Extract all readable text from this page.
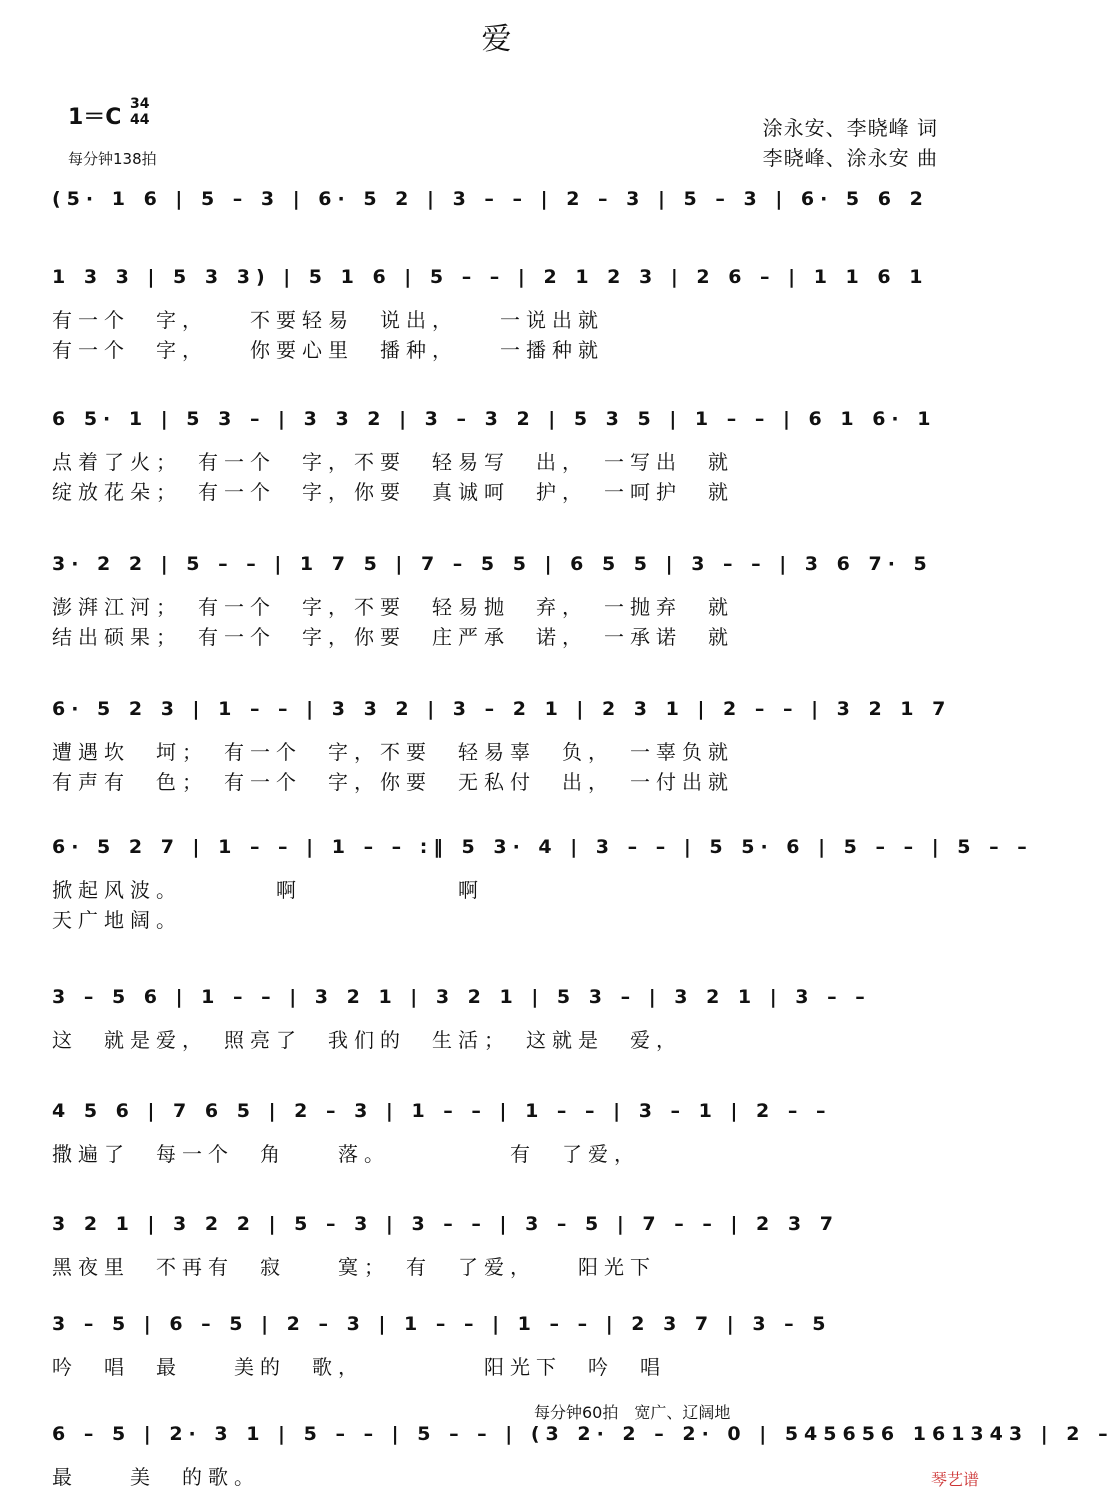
爱
1＝C
34
44
每分钟138拍
涂永安、李晓峰 词
李晓峰、涂永安 曲
(5· 1 6 | 5 – 3 | 6· 5 2 | 3 – – | 2 – 3 | 5 – 3 | 6· 5 6 2
1 3 3 | 5 3 3) | 5 1 6 | 5 – – | 2 1 2 3 | 2 6 – | 1 1 6 1
有一个　字，　　不要轻易　说出，　　一说出就
有一个　字，　　你要心里　播种，　　一播种就
6 5· 1 | 5 3 – | 3 3 2 | 3 – 3 2 | 5 3 5 | 1 – – | 6 1 6· 1
点着了火；　有一个　字，不要　轻易写　出，　一写出　就
绽放花朵；　有一个　字，你要　真诚呵　护，　一呵护　就
3· 2 2 | 5 – – | 1 7 5 | 7 – 5 5 | 6 5 5 | 3 – – | 3 6 7· 5
澎湃江河；　有一个　字，不要　轻易抛　弃，　一抛弃　就
结出硕果；　有一个　字，你要　庄严承　诺，　一承诺　就
6· 5 2 3 | 1 – – | 3 3 2 | 3 – 2 1 | 2 3 1 | 2 – – | 3 2 1 7
遭遇坎　坷；　有一个　字，不要　轻易辜　负，　一辜负就
有声有　色；　有一个　字，你要　无私付　出，　一付出就
6· 5 2 7 | 1 – – | 1 – – :‖ 5 3· 4 | 3 – – | 5 5· 6 | 5 – – | 5 – –
掀起风波。　　　　啊　　　　　　啊
天广地阔。
3 – 5 6 | 1 – – | 3 2 1 | 3 2 1 | 5 3 – | 3 2 1 | 3 – –
这　就是爱，　照亮了　我们的　生活；　这就是　爱，
4 5 6 | 7 6 5 | 2 – 3 | 1 – – | 1 – – | 3 – 1 | 2 – –
撒遍了　每一个　角　　落。　　　　　有　了爱，
3 2 1 | 3 2 2 | 5 – 3 | 3 – – | 3 – 5 | 7 – – | 2 3 7
黑夜里　不再有　寂　　寞；　有　了爱，　　阳光下
3 – 5 | 6 – 5 | 2 – 3 | 1 – – | 1 – – | 2 3 7 | 3 – 5
吟　唱　最　　美的　歌，　　　　　阳光下　吟　唱
6 – 5 | 2· 3 1 | 5 – – | 5 – – | (3 2· 2 – 2· 0 | 545656 161343 | 2 –
最　　美　的歌。
每分钟60拍　宽广、辽阔地
琴艺谱
